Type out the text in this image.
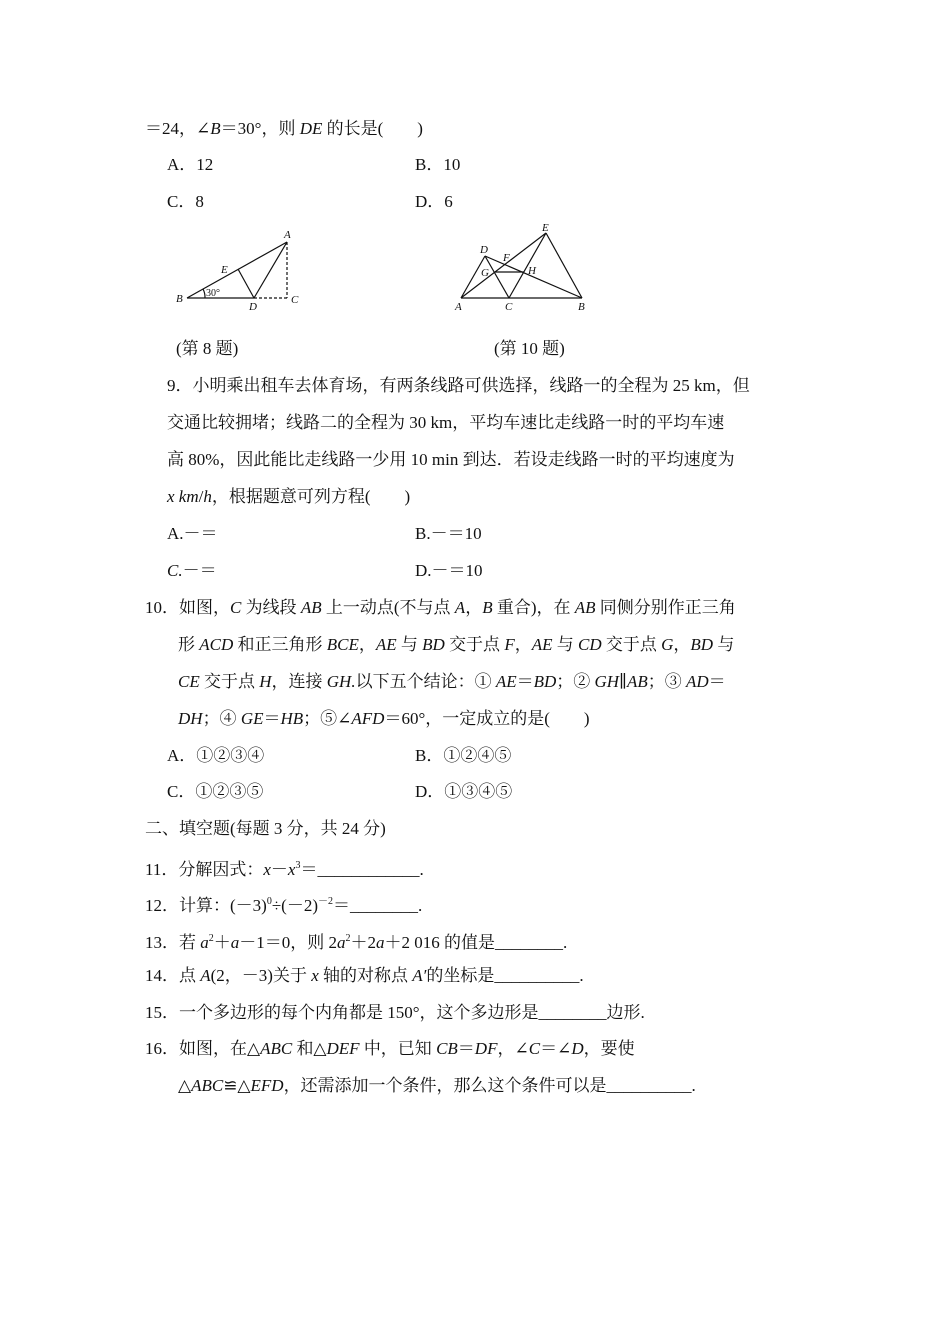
＝24，∠B＝30°，则 DE 的长是(　　)
A．12	B．10
C．8	D．6
A
B	C
D
E
30°
A	B
C
D
E
F
G	H
(第 8 题)	(第 10 题)
9．小明乘出租车去体育场，有两条线路可供选择，线路一的全程为 25 km，但
交通比较拥堵；线路二的全程为 30 km，平均车速比走线路一时的平均车速
高 80%，因此能比走线路一少用 10 min 到达．若设走线路一时的平均速度为
x km/h，根据题意可列方程(　　)
A.－＝	B.－＝10
C.－＝	D.－＝10
10．如图，C 为线段 AB 上一动点(不与点 A，B 重合)，在 AB 同侧分别作正三角
形 ACD 和正三角形 BCE，AE 与 BD 交于点 F，AE 与 CD 交于点 G，BD 与
CE 交于点 H，连接 GH.以下五个结论：① AE＝BD；② GH∥AB；③ AD＝
DH；④ GE＝HB；⑤∠AFD＝60°，一定成立的是(　　)
A．①②③④	B．①②④⑤
C．①②③⑤	D．①③④⑤
二、填空题(每题 3 分，共 24 分)
11．分解因式：$x-x^3=\_\_\_\_\_\_\_\_\_\_\_\_$.
12．计算：$(-3)^0\div(-2)^{-2}=\_\_\_\_\_\_\_\_$.
13．若 $a^2+a-1=0$，则 $2a^2+2a+2$ 016 的值是________.
14．点 A(2，－3)关于 x 轴的对称点 A′的坐标是__________.
15．一个多边形的每个内角都是 150°，这个多边形是________边形.
16．如图，在△ABC 和△DEF 中，已知 CB＝DF，∠C＝∠D，要使
△ABC≌△EFD，还需添加一个条件，那么这个条件可以是__________.
